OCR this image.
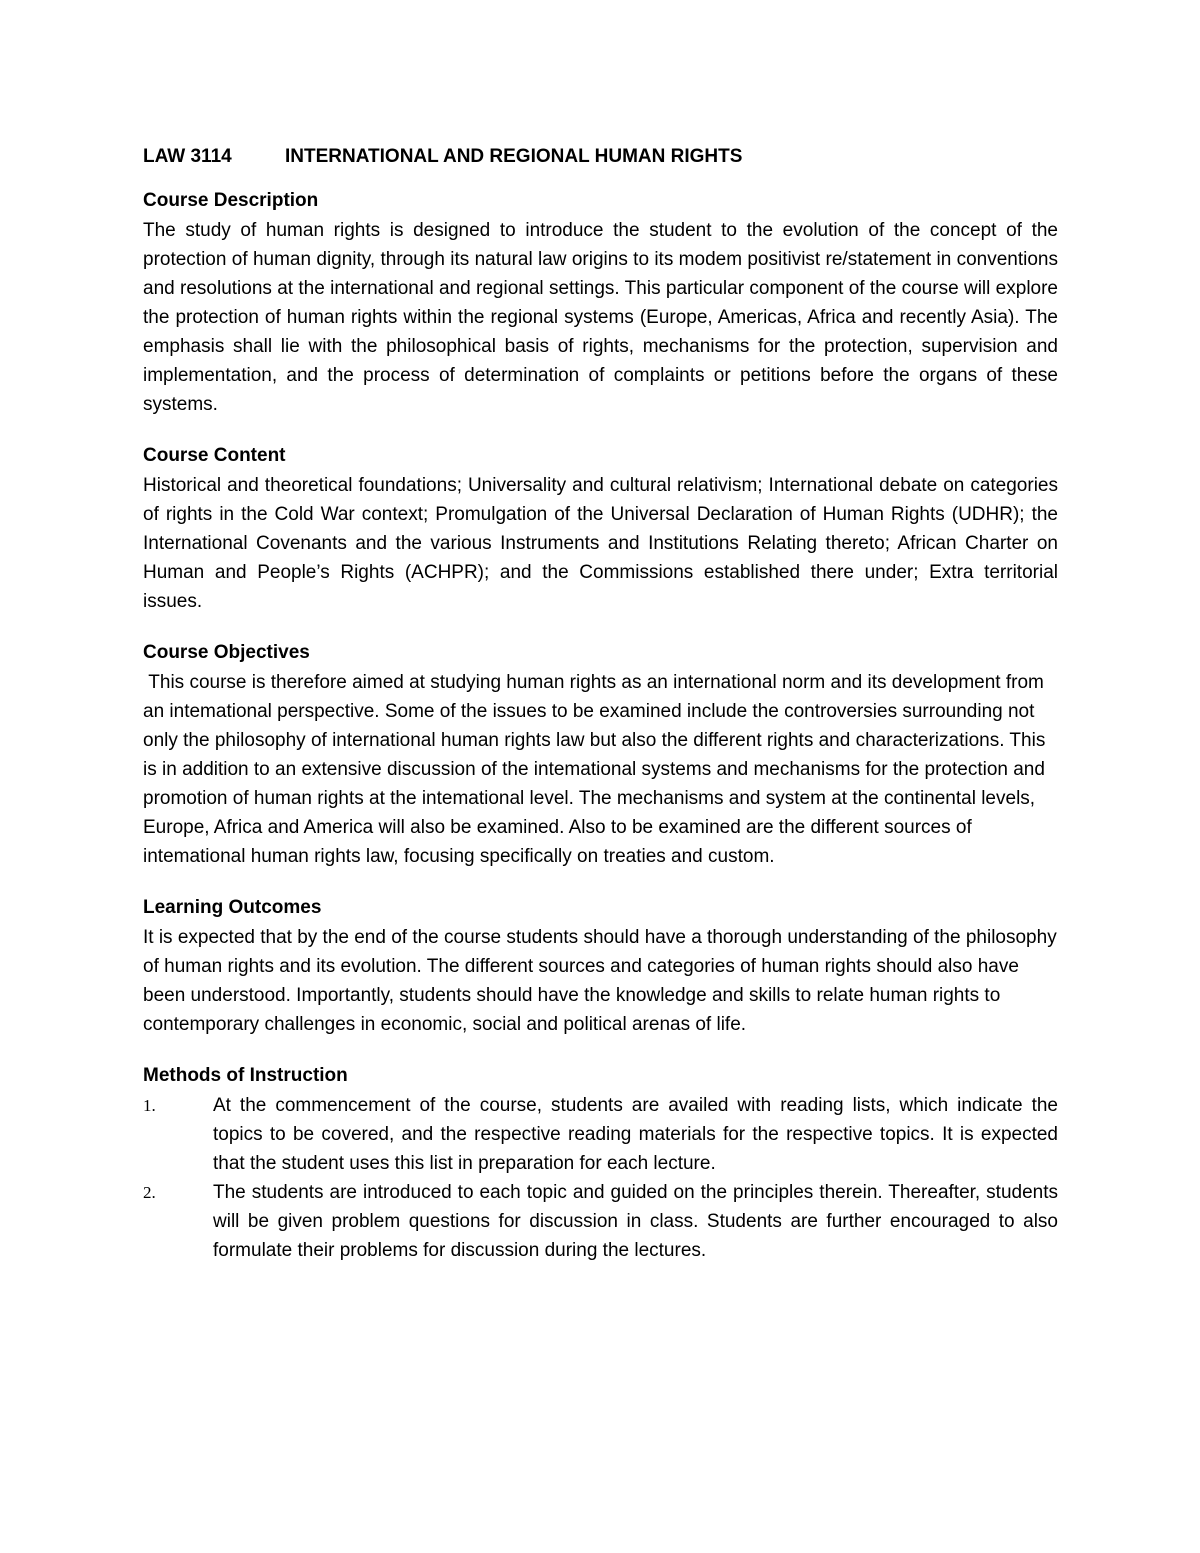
LAW 3114	INTERNATIONAL AND REGIONAL HUMAN RIGHTS

Course Description

The study of human rights is designed to introduce the student to the evolution of the concept of the protection of human dignity, through its natural law origins to its modem positivist re/statement in conventions and resolutions at the international and regional settings. This particular component of the course will explore the protection of human rights within the regional systems (Europe, Americas, Africa and recently Asia). The emphasis shall lie with the philosophical basis of rights, mechanisms for the protection, supervision and implementation, and the process of determination of complaints or petitions before the organs of these systems.

Course Content

Historical and theoretical foundations; Universality and cultural relativism; International debate on categories of rights in the Cold War context; Promulgation of the Universal Declaration of Human Rights (UDHR); the International Covenants and the various Instruments and Institutions Relating thereto; African Charter on Human and People’s Rights (ACHPR); and the Commissions established there under; Extra territorial issues.

Course Objectives

This course is therefore aimed at studying human rights as an international norm and its development from an intemational perspective. Some of the issues to be examined include the controversies surrounding not only the philosophy of international human rights law but also the different rights and characterizations. This is in addition to an extensive discussion of the intemational systems and mechanisms for the protection and promotion of human rights at the intemational level. The mechanisms and system at the continental levels, Europe, Africa and America will also be examined. Also to be examined are the different sources of intemational human rights law, focusing specifically on treaties and custom.

Learning Outcomes

It is expected that by the end of the course students should have a thorough understanding of the philosophy of human rights and its evolution. The different sources and categories of human rights should also have been understood. Importantly, students should have the knowledge and skills to relate human rights to contemporary challenges in economic, social and political arenas of life.

Methods of Instruction

1.	At the commencement of the course, students are availed with reading lists, which indicate the topics to be covered, and the respective reading materials for the respective topics. It is expected that the student uses this list in preparation for each lecture.
2.	The students are introduced to each topic and guided on the principles therein. Thereafter, students will be given problem questions for discussion in class. Students are further encouraged to also formulate their problems for discussion during the lectures.
